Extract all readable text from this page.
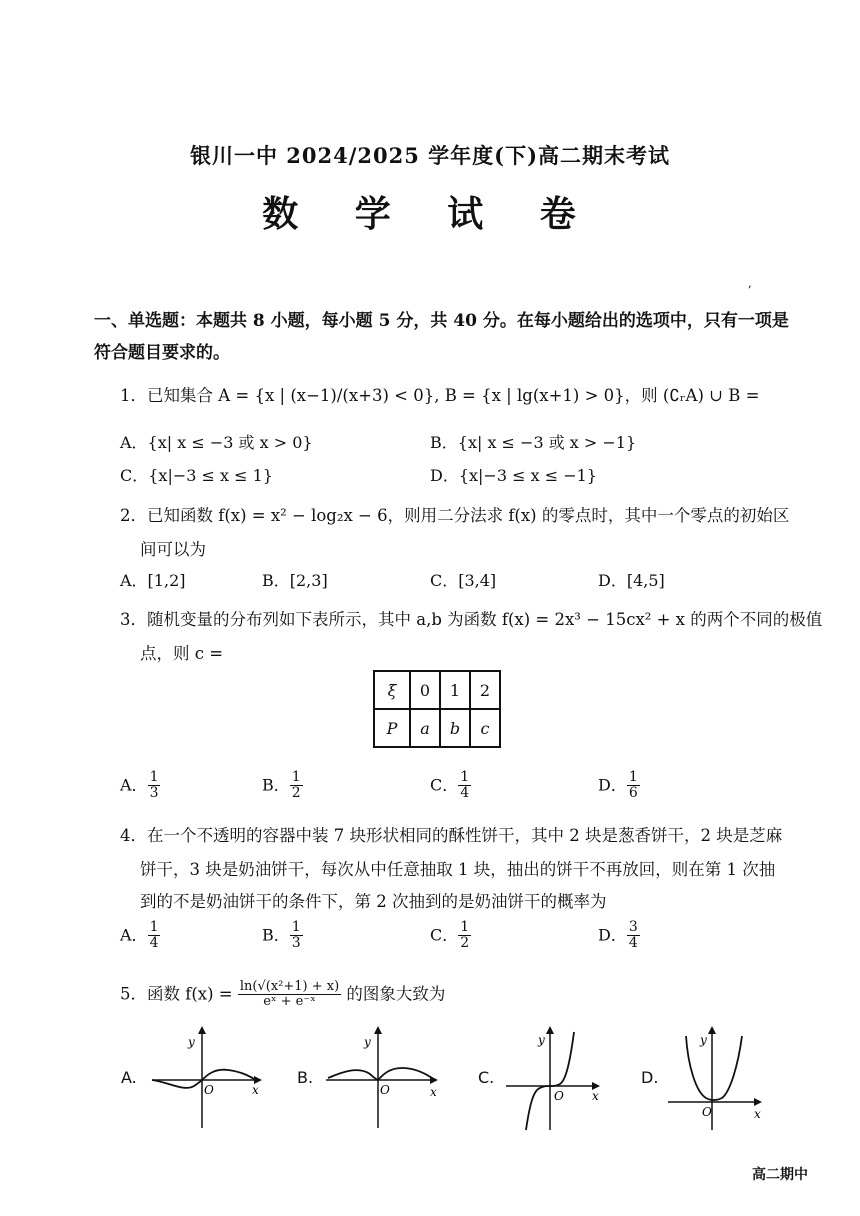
银川一中 2024/2025 学年度(下)高二期末考试
数 学 试 卷
,
一、单选题：本题共 8 小题，每小题 5 分，共 40 分。在每小题给出的选项中，只有一项是
符合题目要求的。
1．已知集合 A = {x | (x−1)/(x+3) < 0}, B = {x | lg(x+1) > 0}，则 (∁ᵣA) ∪ B =
A．{x| x ≤ −3 或 x > 0}	B．{x| x ≤ −3 或 x > −1}
C．{x|−3 ≤ x ≤ 1}	D．{x|−3 ≤ x ≤ −1}
2．已知函数 f(x) = x² − log₂x − 6，则用二分法求 f(x) 的零点时，其中一个零点的初始区
间可以为
A．[1,2]	B．[2,3]	C．[3,4]	D．[4,5]
3．随机变量的分布列如下表所示，其中 a,b 为函数 f(x) = 2x³ − 15cx² + x 的两个不同的极值
点，则 c =
ξ	0	1	2
P	a	b	c
A． $\frac{1}{3}$	B． $\frac{1}{2}$	C． $\frac{1}{4}$	D． $\frac{1}{6}$
4．在一个不透明的容器中装 7 块形状相同的酥性饼干，其中 2 块是葱香饼干，2 块是芝麻
饼干，3 块是奶油饼干，每次从中任意抽取 1 块，抽出的饼干不再放回，则在第 1 次抽
到的不是奶油饼干的条件下，第 2 次抽到的是奶油饼干的概率为
A． $\frac{1}{4}$	B． $\frac{1}{3}$	C． $\frac{1}{2}$	D． $\frac{3}{4}$
5．函数 $f(x) = \frac{\text{ln(√(x²+1) + x)}}{\text{eˣ + e⁻ˣ}}$ 的图象大致为
A.
y
x
O
B.
y
x
O
C.
y
x
O
D.
y
x
O
高二期中
